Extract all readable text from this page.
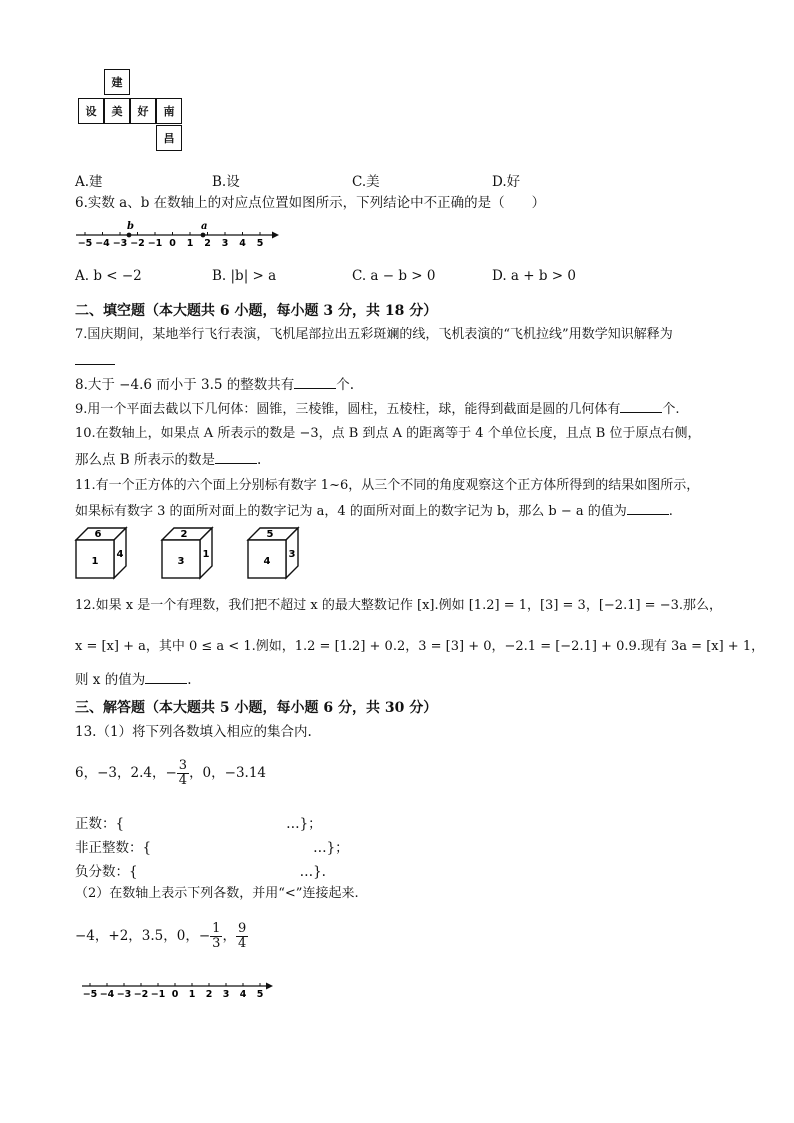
建
设 美 好 南
昌
A.建	B.设	C.美	D.好
6.实数 a、b 在数轴上的对应点位置如图所示，下列结论中不正确的是（　　）
−5 −4 −3 −2 −1 0 1 2 3 4 5
b	a
A. b < −2	B. |b| > a	C. a − b > 0	D. a + b > 0
二、填空题（本大题共 6 小题，每小题 3 分，共 18 分）
7.国庆期间，某地举行飞行表演，飞机尾部拉出五彩斑斓的线，飞机表演的“飞机拉线”用数学知识解释为
8.大于 −4.6 而小于 3.5 的整数共有	个.
9.用一个平面去截以下几何体：圆锥，三棱锥，圆柱，五棱柱，球，能得到截面是圆的几何体有	个.
10.在数轴上，如果点 A 所表示的数是 −3，点 B 到点 A 的距离等于 4 个单位长度，且点 B 位于原点右侧，
那么点 B 所表示的数是	.
11.有一个正方体的六个面上分别标有数字 1~6，从三个不同的角度观察这个正方体所得到的结果如图所示，
如果标有数字 3 的面所对面上的数字记为 a，4 的面所对面上的数字记为 b，那么 b − a 的值为	.
6
1
4
2
3
1
5
4
3
12.如果 x 是一个有理数，我们把不超过 x 的最大整数记作 [x].例如 [1.2] = 1，[3] = 3，[−2.1] = −3.那么，
x = [x] + a，其中 0 ≤ a < 1.例如，1.2 = [1.2] + 0.2，3 = [3] + 0，−2.1 = [−2.1] + 0.9.现有 3a = [x] + 1，
则 x 的值为	.
三、解答题（本大题共 5 小题，每小题 6 分，共 30 分）
13.（1）将下列各数填入相应的集合内.
6，−3，2.4，− $\frac{3}{4}$ ，0，−3.14
正数：{　　　　　　　　　　　　…}；
非正整数：{　　　　　　　　　　　　…}；
负分数：{　　　　　　　　　　　　…}.
（2）在数轴上表示下列各数，并用“<”连接起来.
−4，+2，3.5，0，− $\frac{1}{3}$ ， $\frac{9}{4}$
−5 −4 −3 −2 −1 0 1 2 3 4 5
